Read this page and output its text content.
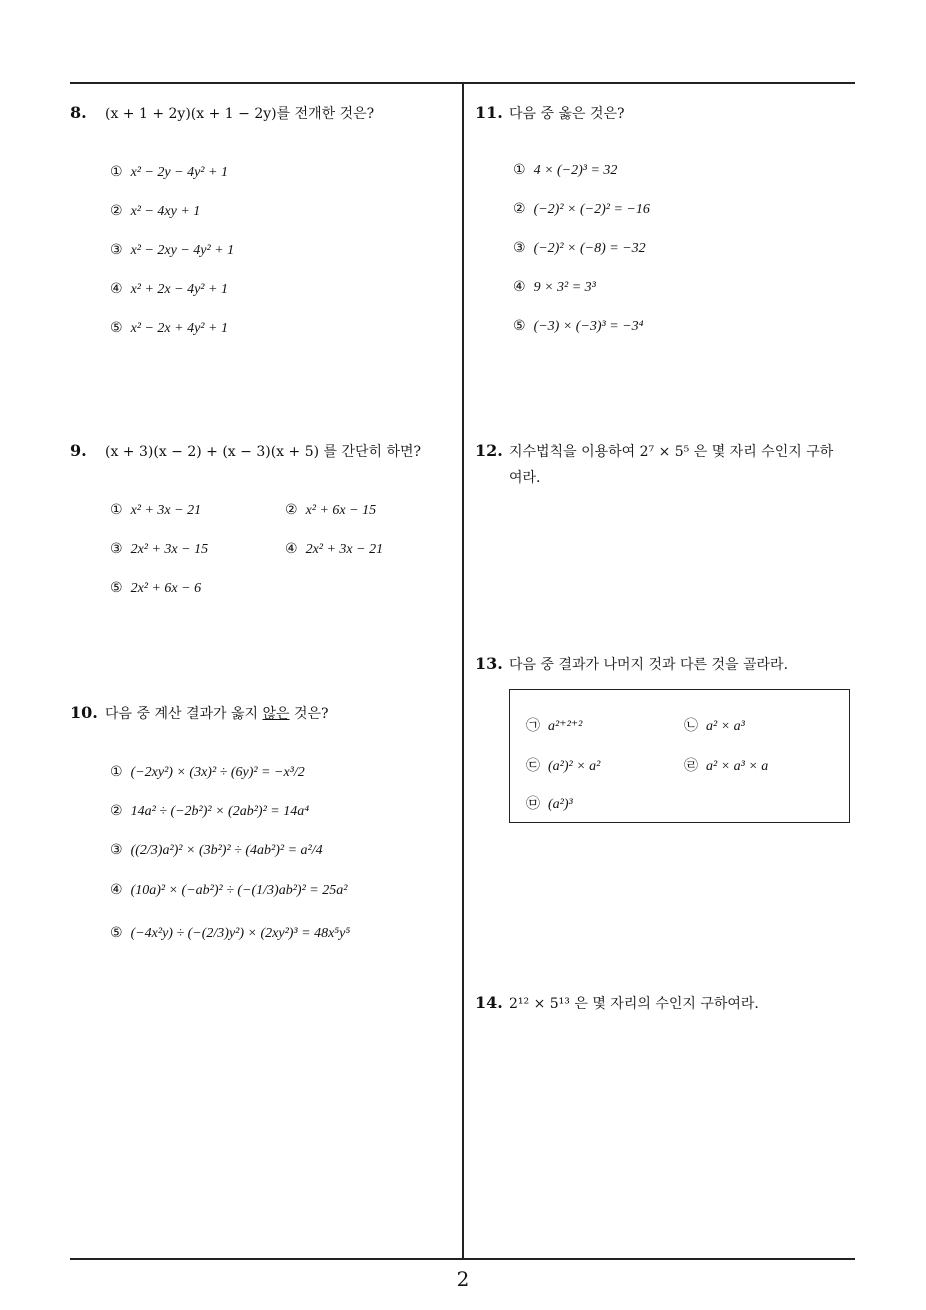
8. (x + 1 + 2y)(x + 1 − 2y)를 전개한 것은?
① x² − 2y − 4y² + 1
② x² − 4xy + 1
③ x² − 2xy − 4y² + 1
④ x² + 2x − 4y² + 1
⑤ x² − 2x + 4y² + 1
9. (x + 3)(x − 2) + (x − 3)(x + 5) 를 간단히 하면?
① x² + 3x − 21	② x² + 6x − 15
③ 2x² + 3x − 15	④ 2x² + 3x − 21
⑤ 2x² + 6x − 6
10. 다음 중 계산 결과가 옳지 않은 것은?
① (−2xy²) × (3x)² ÷ (6y)² = −x³/2
② 14a² ÷ (−2b²)² × (2ab²)² = 14a⁴
③ ((2/3)a²)² × (3b²)² ÷ (4ab²)² = a²/4
④ (10a)² × (−ab²)² ÷ (−(1/3)ab²)² = 25a²
⑤ (−4x²y) ÷ (−(2/3)y²) × (2xy²)³ = 48x⁵y⁵
11. 다음 중 옳은 것은?
① 4 × (−2)³ = 32
② (−2)² × (−2)² = −16
③ (−2)² × (−8) = −32
④ 9 × 3² = 3³
⑤ (−3) × (−3)³ = −3⁴
12. 지수법칙을 이용하여 2⁷ × 5⁵ 은 몇 자리 수인지 구하
여라.
13. 다음 중 결과가 나머지 것과 다른 것을 골라라.
㉠ a²⁺²⁺²	㉡ a² × a³
㉢ (a²)² × a²	㉣ a² × a³ × a
㉤ (a²)³
14. 2¹² × 5¹³ 은 몇 자리의 수인지 구하여라.
2
